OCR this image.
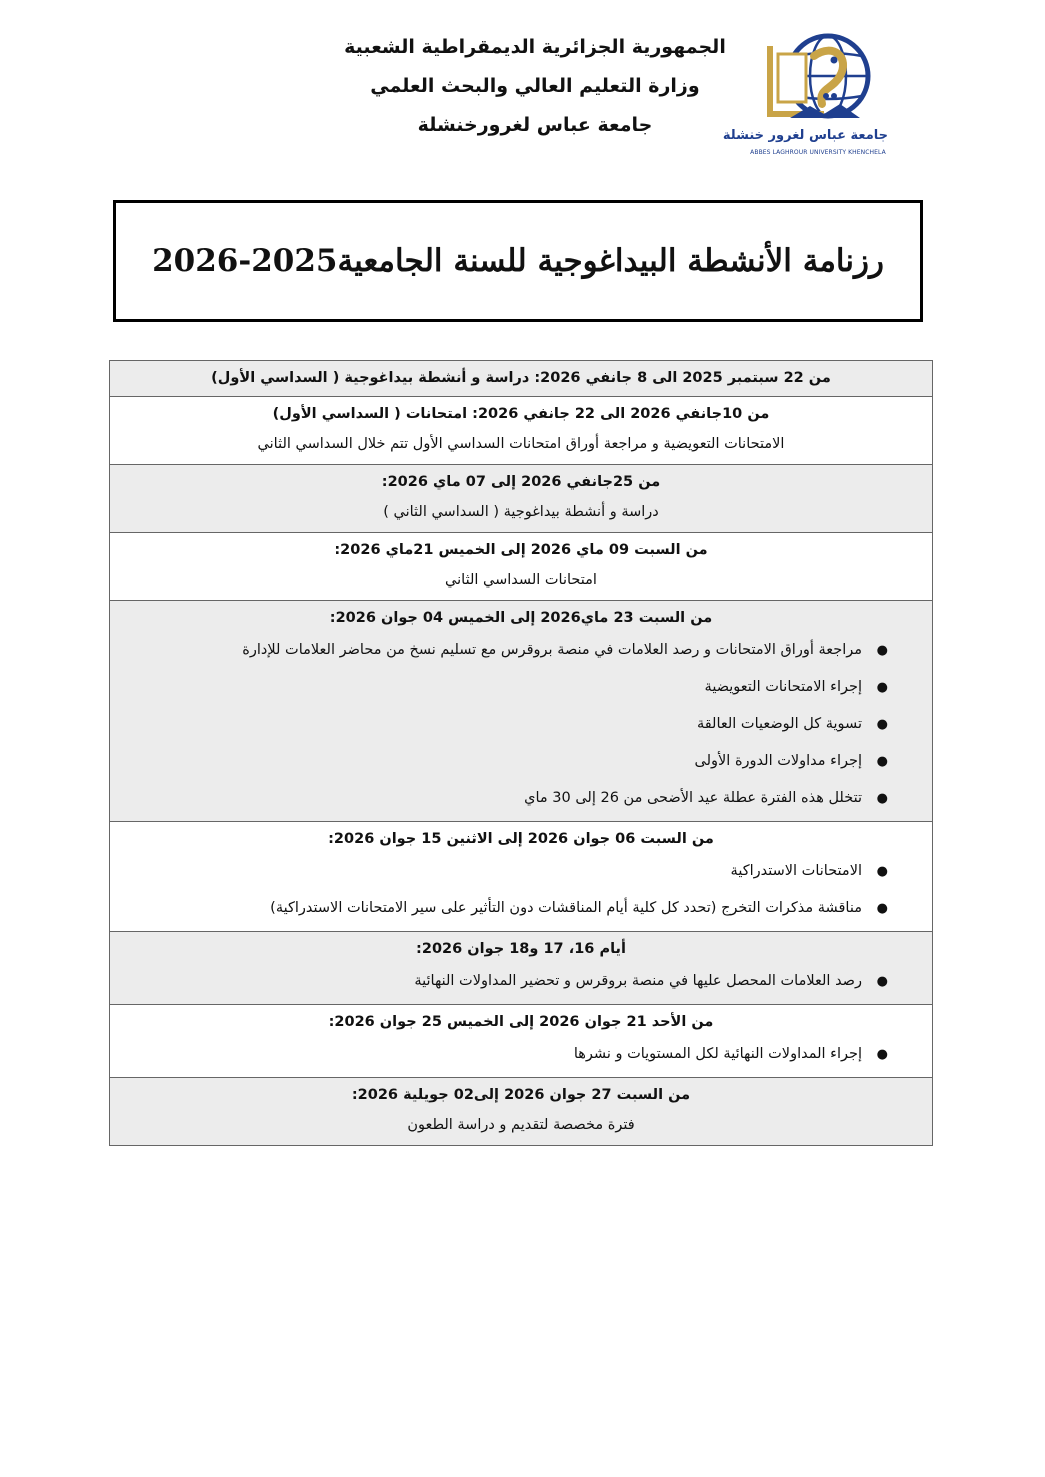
الجمهورية الجزائرية الديمقراطية الشعبية
وزارة التعليم العالي والبحث العلمي
جامعة عباس لغرورخنشلة	جامعة عباس لغرور خنشلة
ABBES LAGHROUR UNIVERSITY KHENCHELA
رزنامة الأنشطة البيداغوجية للسنة الجامعية2025-2026
من 22 سبتمبر 2025 الى 8 جانفي 2026: دراسة و أنشطة بيداغوجية ( السداسي الأول)
من 10جانفي 2026 الى 22 جانفي 2026: امتحانات ( السداسي الأول)
الامتحانات التعويضية و مراجعة أوراق امتحانات السداسي الأول تتم خلال السداسي الثاني
من 25جانفي 2026 إلى 07 ماي 2026:
دراسة و أنشطة بيداغوجية ( السداسي الثاني )
من السبت 09 ماي 2026 إلى الخميس 21ماي 2026:
امتحانات السداسي الثاني
من السبت 23 ماي2026 إلى الخميس 04 جوان 2026:
●
مراجعة أوراق الامتحانات و رصد العلامات في منصة بروقرس مع تسليم نسخ من محاضر العلامات للإدارة
●
إجراء الامتحانات التعويضية
●
تسوية كل الوضعيات العالقة
●
إجراء مداولات الدورة الأولى
●
تتخلل هذه الفترة عطلة عيد الأضحى من 26 إلى 30 ماي
من السبت 06 جوان 2026 إلى الاثنين 15 جوان 2026:
●
الامتحانات الاستدراكية
●
مناقشة مذكرات التخرج (تحدد كل كلية أيام المناقشات دون التأثير على سير الامتحانات الاستدراكية)
أيام 16، 17 و18 جوان 2026:
●
رصد العلامات المحصل عليها في منصة بروقرس و تحضير المداولات النهائية
من الأحد 21 جوان 2026 إلى الخميس 25 جوان 2026:
●
إجراء المداولات النهائية لكل المستويات و نشرها
من السبت 27 جوان 2026 إلى02 جويلية 2026:
فترة مخصصة لتقديم و دراسة الطعون
